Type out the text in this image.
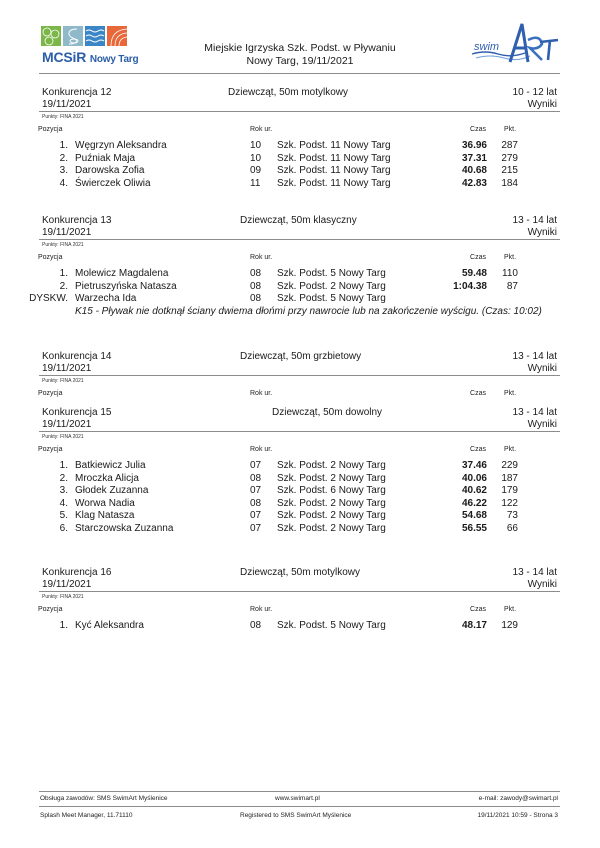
MCSiR Nowy Targ
Miejskie Igrzyska Szk. Podst. w Pływaniu
Nowy Targ, 19/11/2021
swim
Konkurencja 12	Dziewcząt, 50m motylkowy	10 - 12 lat
19/11/2021	Wyniki
Punkty: FINA 2021
Pozycja	Rok ur.	Czas	Pkt.
1. Węgrzyn Aleksandra	10 Szk. Podst. 11 Nowy Targ	36.96 287
2. Puźniak Maja	10 Szk. Podst. 11 Nowy Targ	37.31 279
3. Darowska Zofia	09 Szk. Podst. 11 Nowy Targ	40.68 215
4. Świerczek Oliwia	11 Szk. Podst. 11 Nowy Targ	42.83 184
Konkurencja 13	Dziewcząt, 50m klasyczny	13 - 14 lat
19/11/2021	Wyniki
Punkty: FINA 2021
Pozycja	Rok ur.	Czas	Pkt.
1. Molewicz Magdalena	08 Szk. Podst. 5 Nowy Targ	59.48 110
2. Pietruszyńska Natasza	08 Szk. Podst. 2 Nowy Targ	1:04.38 87
DYSKW. Warzecha Ida	08 Szk. Podst. 5 Nowy Targ
K15 - Pływak nie dotknął ściany dwiema dłońmi przy nawrocie lub na zakończenie wyścigu. (Czas: 10:02)
Konkurencja 14	Dziewcząt, 50m grzbietowy	13 - 14 lat
19/11/2021	Wyniki
Punkty: FINA 2021
Pozycja	Rok ur.	Czas	Pkt.
Konkurencja 15	Dziewcząt, 50m dowolny	13 - 14 lat
19/11/2021	Wyniki
Punkty: FINA 2021
Pozycja	Rok ur.	Czas	Pkt.
1. Batkiewicz Julia	07 Szk. Podst. 2 Nowy Targ	37.46 229
2. Mroczka Alicja	08 Szk. Podst. 2 Nowy Targ	40.06 187
3. Głodek Zuzanna	07 Szk. Podst. 6 Nowy Targ	40.62 179
4. Worwa Nadia	08 Szk. Podst. 2 Nowy Targ	46.22 122
5. Klag Natasza	07 Szk. Podst. 2 Nowy Targ	54.68 73
6. Starczowska Zuzanna	07 Szk. Podst. 2 Nowy Targ	56.55 66
Konkurencja 16	Dziewcząt, 50m motylkowy	13 - 14 lat
19/11/2021	Wyniki
Punkty: FINA 2021
Pozycja	Rok ur.	Czas	Pkt.
1. Kyć Aleksandra	08 Szk. Podst. 5 Nowy Targ	48.17 129
Obsługa zawodów: SMS SwimArt Myślenice	www.swimart.pl	e-mail: zawody@swimart.pl
Splash Meet Manager, 11.71110	Registered to SMS SwimArt Myślenice	19/11/2021 10:59 - Strona 3
